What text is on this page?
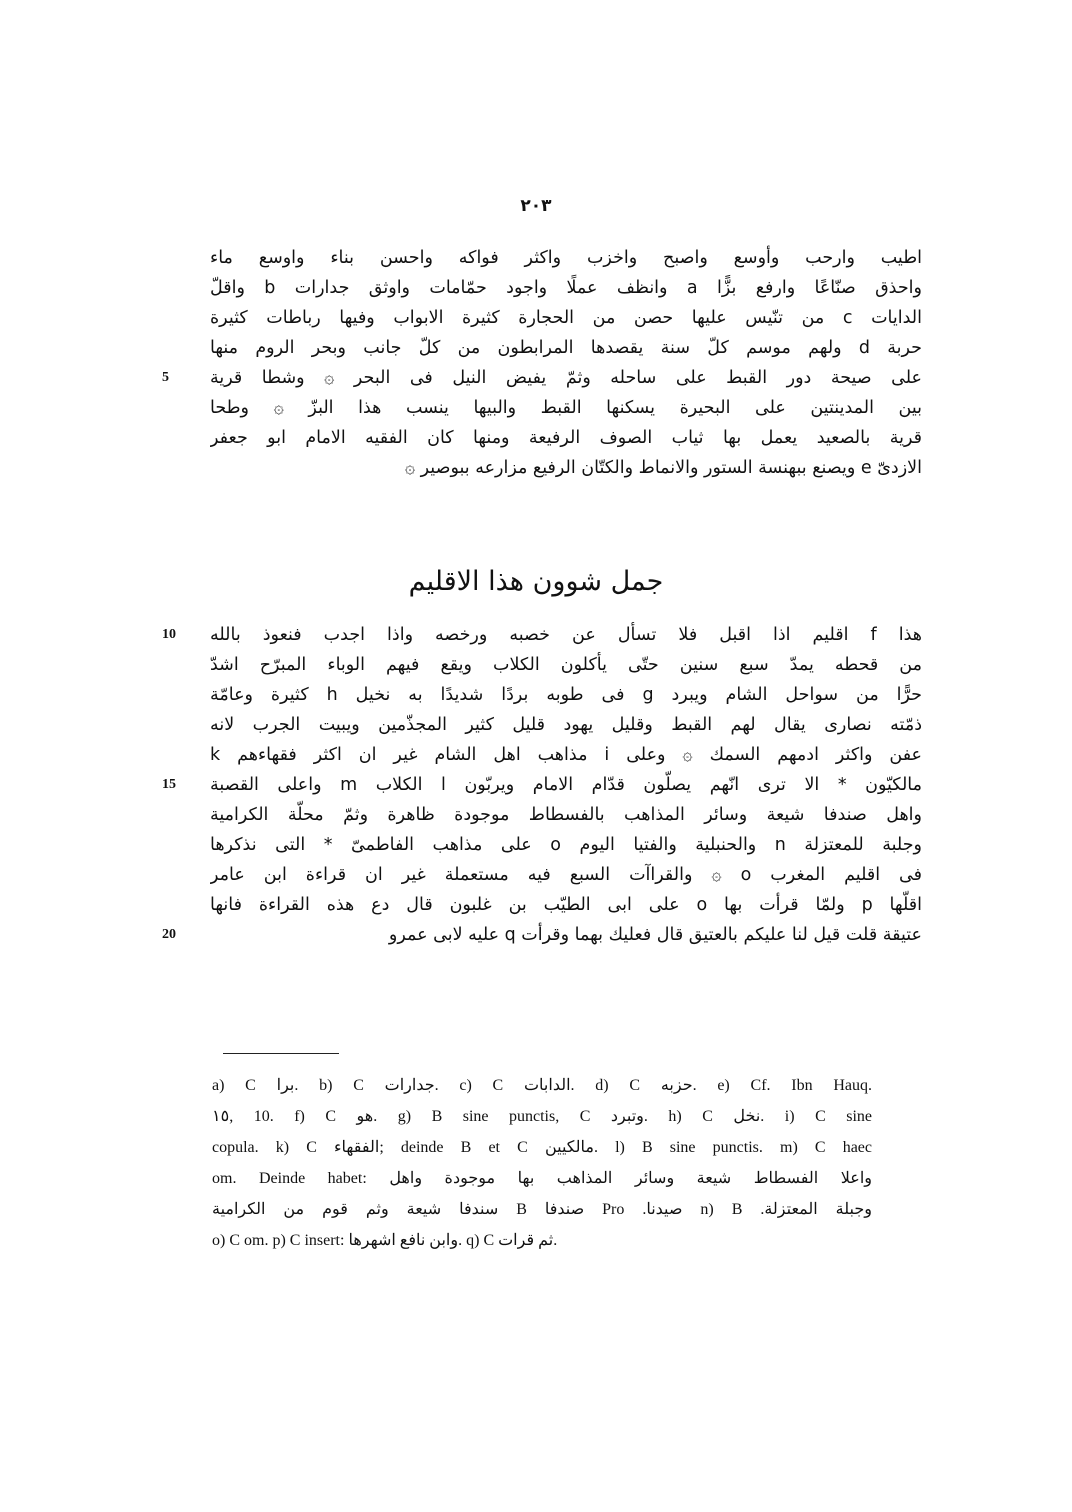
٢٠٣
اطيب وارحب وأوسع واصبح واخزب واكثر فواكه واحسن بناء واوسع ماء
واحذق صنّاعًا وارفع بزًّا a وانظف عملًا واجود حمّامات واوثق جدارات b واقلّ
الدايات c من تنّيس عليها حصن من الحجارة كثيرة الابواب وفيها رباطات كثيرة
حربة d ولهم موسم كلّ سنة يقصدها المرابطون من كلّ جانب وبحر الروم منها
على صيحة دور القبط على ساحله وثمّ يفيض النيل فى البحر ۞ وشطا قرية
5
بين المدينتين على البحيرة يسكنها القبط والبيها ينسب هذا البزّ ۞ وطحا
قرية بالصعيد يعمل بها ثياب الصوف الرفيعة ومنها كان الفقيه الامام ابو جعفر
الازدىّ e ويصنع ببهنسة الستور والانماط والكتّان الرفيع مزارعه ببوصير ۞
جمل شوون هذا الاقليم
هذا f اقليم اذا اقبل فلا تسأل عن خصبه ورخصه واذا اجدب فنعوذ بالله
10
من قحطه يمدّ سبع سنين حتّى يأكلون الكلاب ويقع فيهم الوباء المبرّح اشدّ
حرًّا من سواحل الشام ويبرد g فى طوبه بردًا شديدًا به نخيل h كثيرة وعامّة
ذمّته نصارى يقال لهم القبط وقليل يهود قليل كثير المجذّمين ويبيت الجرب لانه
عفن واكثر ادمهم السمك ۞ وعلى i مذاهب اهل الشام غير ان اكثر فقهاءهم k
مالكيّون * الا ترى انّهم يصلّون قدّام الامام ويربّون l الكلاب m واعلى القصبة
15
واهل صندفا شيعة وسائر المذاهب بالفسطاط موجودة ظاهرة وثمّ محلّة الكرامية
وجلبة للمعتزلة n والحنبلية والفتيا اليوم o على مذاهب الفاطمىّ * التى نذكرها
فى اقليم المغرب o ۞ والقراآت السبع فيه مستعملة غير ان قراءة ابن عامر
اقلّها p ولمّا قرأت بها o على ابى الطيّب بن غلبون قال دع هذه القراءة فانها
عتيقة قلت قيل لنا عليكم بالعتيق قال فعليك بهما وقرأت q عليه لابى عمرو
20
a) C برا. b) C جدارات. c) C الدابات. d) C حزبه. e) Cf. Ibn Hauq.
١٥, 10. f) C هو. g) B sine punctis, C وتبرد. h) C نخل. i) C sine
copula. k) C الفقهاء; deinde B et C مالكيين. l) B sine punctis. m) C haec
om. Deinde habet: واعلا الفسطاط شيعة وسائر المذاهب بها موجودة واهل
وجبلة المعتزلة. n) B صيدنا. Pro صندفا B سندفا شيعة وثم قوم من الكرامية
o) C om. p) C insert: وابن نافع اشهرها. q) C ثم قرات.
